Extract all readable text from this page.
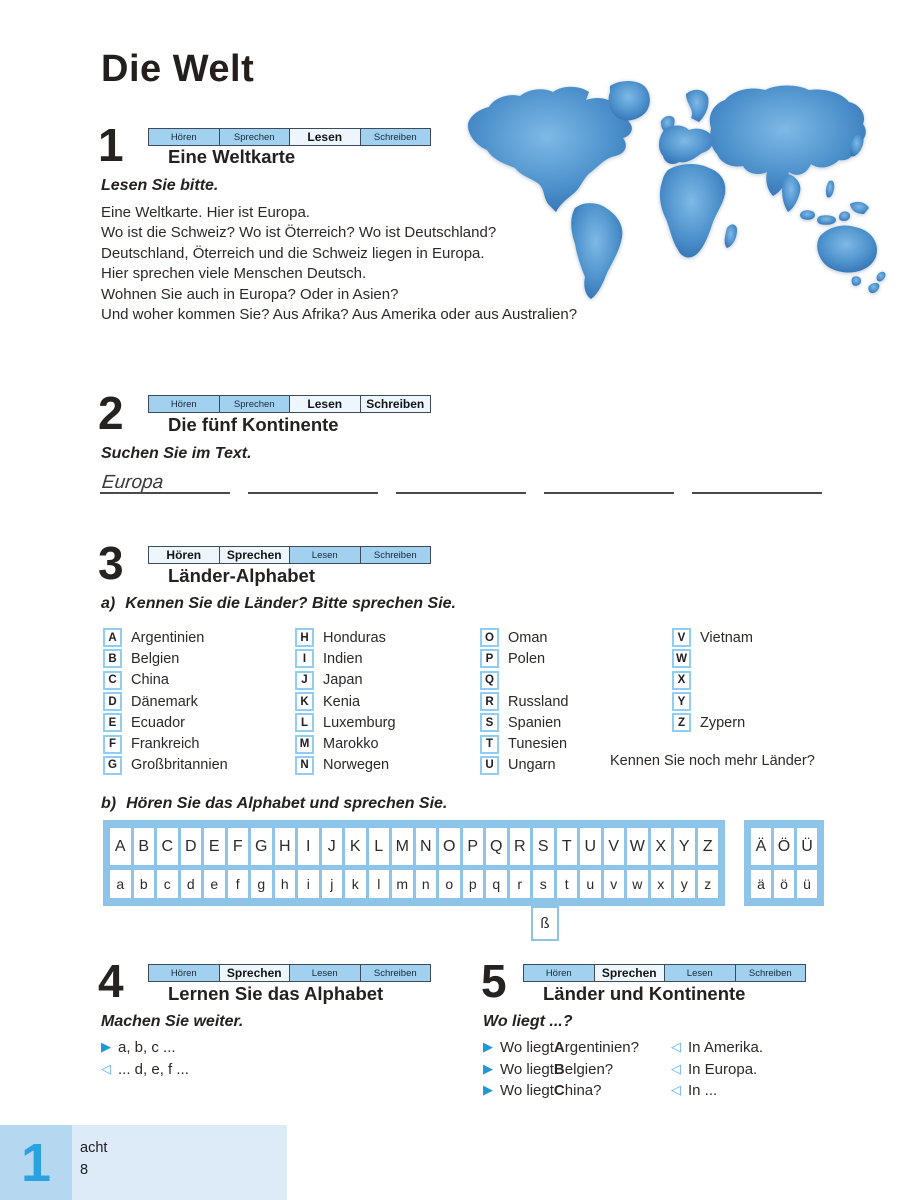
Die Welt
1	Hören	Sprechen	Lesen	Schreiben
Eine Weltkarte
Lesen Sie bitte.
Eine Weltkarte. Hier ist Europa.
Wo ist die Schweiz? Wo ist Öterreich? Wo ist Deutschland?
Deutschland, Öterreich und die Schweiz liegen in Europa.
Hier sprechen viele Menschen Deutsch.
Wohnen Sie auch in Europa? Oder in Asien?
Und woher kommen Sie? Aus Afrika? Aus Amerika oder aus Australien?
2	Hören	Sprechen	Lesen	Schreiben
Die fünf Kontinente
Suchen Sie im Text.
Europa
3	Hören	Sprechen	Lesen	Schreiben
Länder-Alphabet
a) Kennen Sie die Länder? Bitte sprechen Sie.
A Argentinien
B Belgien
C China
D Dänemark
E	Ecuador
F	Frankreich
G Großbritannien
H Honduras
I	Indien
J	Japan
K Kenia
L	Luxemburg
M Marokko
N Norwegen
O Oman
P	Polen
Q
R Russland
S	Spanien
T	Tunesien
U Ungarn
V	Vietnam
W
X
Y
Z	Zypern
Kennen Sie noch mehr Länder?
b) Hören Sie das Alphabet und sprechen Sie.
A B C D E F G H I	J K L M N O P Q R S T U V W X Y Z
a	b	c	d	e	f	g	h	i	j	k	l	m n	o	p	q	r	s	t	u	v	w	x	y	z
Ä Ö Ü
ä	ö	ü
ß
4	Hören	Sprechen	Lesen	Schreiben
Lernen Sie das Alphabet
Machen Sie weiter.
▶ a, b, c ...
◁ ... d, e, f ...
5	Hören	Sprechen	Lesen	Schreiben
Länder und Kontinente
Wo liegt ...?
▶ Wo liegt A rgentinien? ◁ In Amerika.
▶ Wo liegt B elgien?	◁ In Europa.
▶ Wo liegt C hina?	◁ In ...
1 acht
8
